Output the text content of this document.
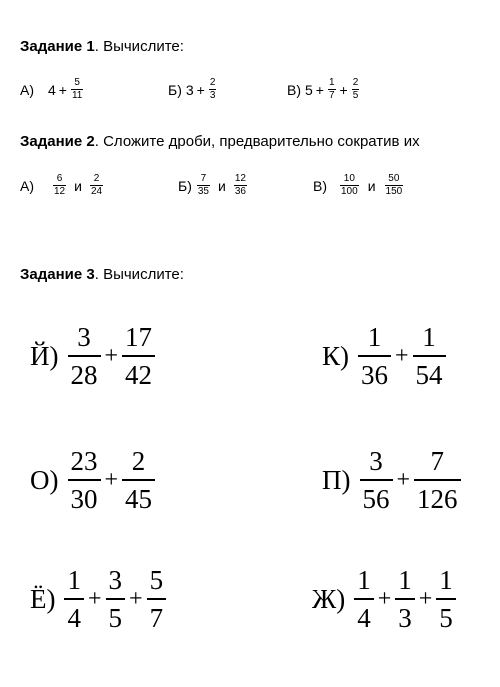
Задание 1. Вычислите:
А) $4 + \frac{5}{11}$	Б) $3 + \frac{2}{3}$	В) $5 + \frac{1}{7} + \frac{2}{5}$
Задание 2. Сложите дроби, предварительно сократив их
$А) \frac{6}{12}$ и $\frac{2}{24}$	$Б) \frac{7}{35}$ и $\frac{12}{36}$	$В) \frac{10}{100}$ и $\frac{50}{150}$
Задание 3. Вычислите:
$Й) \frac{3}{28} + \frac{17}{42}$	$К) \frac{1}{36} + \frac{1}{54}$
$О) \frac{23}{30} + \frac{2}{45}$	$П) \frac{3}{56} + \frac{7}{126}$
$Ё) \frac{1}{4} + \frac{3}{5} + \frac{5}{7}$	$Ж) \frac{1}{4} + \frac{1}{3} + \frac{1}{5}$
